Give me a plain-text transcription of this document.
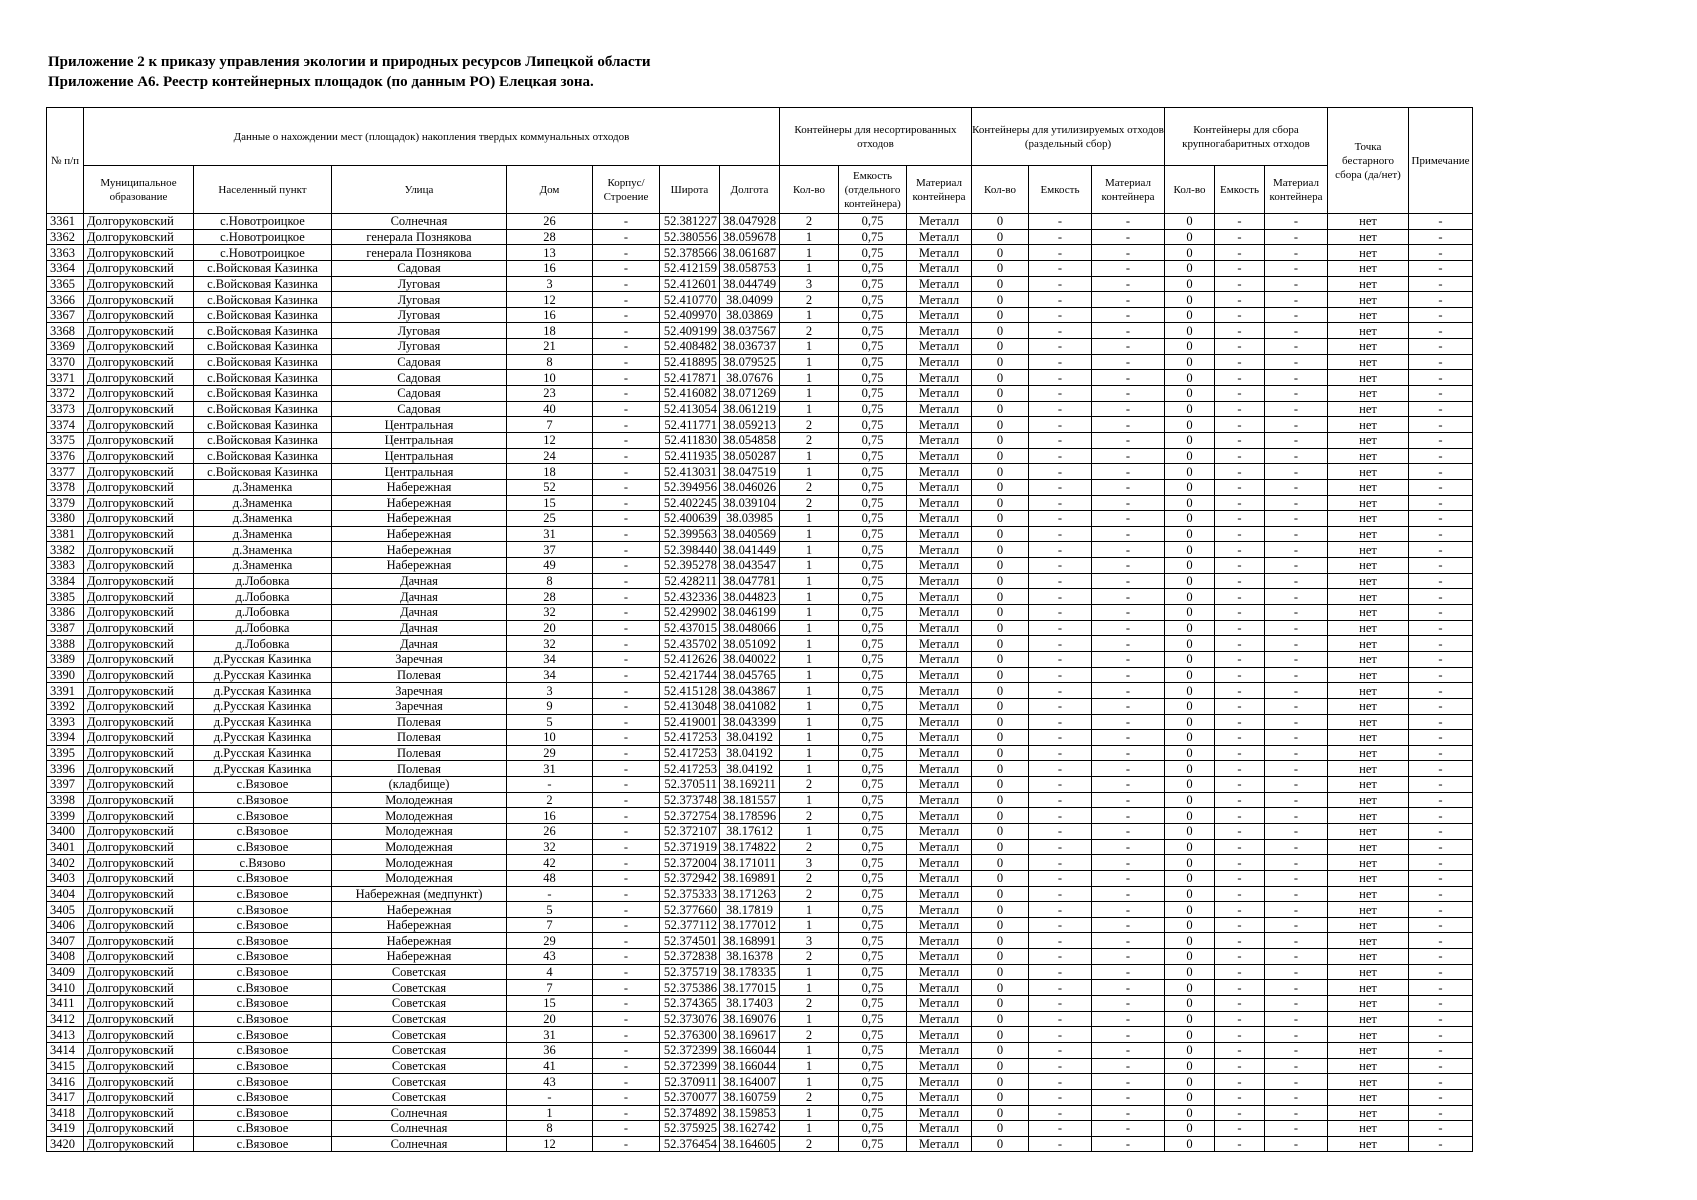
Приложение 2 к приказу управления экологии и природных ресурсов Липецкой области
Приложение А6. Реестр контейнерных площадок (по данным РО) Елецкая зона.
№ п/п	Данные о нахождении мест (площадок) накопления твердых коммунальных отходов							Контейнеры для несортированных отходов			Контейнеры для утилизируемых отходов (раздельный сбор)			Контейнеры для сбора крупногабаритных отходов			Точка бестарного сбора (да/нет)	Примечание
	Муниципальное образование	Населенный пункт	Улица	Дом	Корпус/ Строение	Широта	Долгота	Кол-во	Емкость (отдельного контейнера)	Материал контейнера	Кол-во	Емкость	Материал контейнера	Кол-во	Емкость	Материал контейнера		
3361	Долгоруковский	с.Новотроицкое	Солнечная	26	-	52.381227	38.047928	2	0,75	Металл	0	-	-	0	-	-	нет	-
3362	Долгоруковский	с.Новотроицкое	генерала Познякова	28	-	52.380556	38.059678	1	0,75	Металл	0	-	-	0	-	-	нет	-
3363	Долгоруковский	с.Новотроицкое	генерала Познякова	13	-	52.378566	38.061687	1	0,75	Металл	0	-	-	0	-	-	нет	-
3364	Долгоруковский	с.Войсковая Казинка	Садовая	16	-	52.412159	38.058753	1	0,75	Металл	0	-	-	0	-	-	нет	-
3365	Долгоруковский	с.Войсковая Казинка	Луговая	3	-	52.412601	38.044749	3	0,75	Металл	0	-	-	0	-	-	нет	-
3366	Долгоруковский	с.Войсковая Казинка	Луговая	12	-	52.410770	38.04099	2	0,75	Металл	0	-	-	0	-	-	нет	-
3367	Долгоруковский	с.Войсковая Казинка	Луговая	16	-	52.409970	38.03869	1	0,75	Металл	0	-	-	0	-	-	нет	-
3368	Долгоруковский	с.Войсковая Казинка	Луговая	18	-	52.409199	38.037567	2	0,75	Металл	0	-	-	0	-	-	нет	-
3369	Долгоруковский	с.Войсковая Казинка	Луговая	21	-	52.408482	38.036737	1	0,75	Металл	0	-	-	0	-	-	нет	-
3370	Долгоруковский	с.Войсковая Казинка	Садовая	8	-	52.418895	38.079525	1	0,75	Металл	0	-	-	0	-	-	нет	-
3371	Долгоруковский	с.Войсковая Казинка	Садовая	10	-	52.417871	38.07676	1	0,75	Металл	0	-	-	0	-	-	нет	-
3372	Долгоруковский	с.Войсковая Казинка	Садовая	23	-	52.416082	38.071269	1	0,75	Металл	0	-	-	0	-	-	нет	-
3373	Долгоруковский	с.Войсковая Казинка	Садовая	40	-	52.413054	38.061219	1	0,75	Металл	0	-	-	0	-	-	нет	-
3374	Долгоруковский	с.Войсковая Казинка	Центральная	7	-	52.411771	38.059213	2	0,75	Металл	0	-	-	0	-	-	нет	-
3375	Долгоруковский	с.Войсковая Казинка	Центральная	12	-	52.411830	38.054858	2	0,75	Металл	0	-	-	0	-	-	нет	-
3376	Долгоруковский	с.Войсковая Казинка	Центральная	24	-	52.411935	38.050287	1	0,75	Металл	0	-	-	0	-	-	нет	-
3377	Долгоруковский	с.Войсковая Казинка	Центральная	18	-	52.413031	38.047519	1	0,75	Металл	0	-	-	0	-	-	нет	-
3378	Долгоруковский	д.Знаменка	Набережная	52	-	52.394956	38.046026	2	0,75	Металл	0	-	-	0	-	-	нет	-
3379	Долгоруковский	д.Знаменка	Набережная	15	-	52.402245	38.039104	2	0,75	Металл	0	-	-	0	-	-	нет	-
3380	Долгоруковский	д.Знаменка	Набережная	25	-	52.400639	38.03985	1	0,75	Металл	0	-	-	0	-	-	нет	-
3381	Долгоруковский	д.Знаменка	Набережная	31	-	52.399563	38.040569	1	0,75	Металл	0	-	-	0	-	-	нет	-
3382	Долгоруковский	д.Знаменка	Набережная	37	-	52.398440	38.041449	1	0,75	Металл	0	-	-	0	-	-	нет	-
3383	Долгоруковский	д.Знаменка	Набережная	49	-	52.395278	38.043547	1	0,75	Металл	0	-	-	0	-	-	нет	-
3384	Долгоруковский	д.Лобовка	Дачная	8	-	52.428211	38.047781	1	0,75	Металл	0	-	-	0	-	-	нет	-
3385	Долгоруковский	д.Лобовка	Дачная	28	-	52.432336	38.044823	1	0,75	Металл	0	-	-	0	-	-	нет	-
3386	Долгоруковский	д.Лобовка	Дачная	32	-	52.429902	38.046199	1	0,75	Металл	0	-	-	0	-	-	нет	-
3387	Долгоруковский	д.Лобовка	Дачная	20	-	52.437015	38.048066	1	0,75	Металл	0	-	-	0	-	-	нет	-
3388	Долгоруковский	д.Лобовка	Дачная	32	-	52.435702	38.051092	1	0,75	Металл	0	-	-	0	-	-	нет	-
3389	Долгоруковский	д.Русская Казинка	Заречная	34	-	52.412626	38.040022	1	0,75	Металл	0	-	-	0	-	-	нет	-
3390	Долгоруковский	д.Русская Казинка	Полевая	34	-	52.421744	38.045765	1	0,75	Металл	0	-	-	0	-	-	нет	-
3391	Долгоруковский	д.Русская Казинка	Заречная	3	-	52.415128	38.043867	1	0,75	Металл	0	-	-	0	-	-	нет	-
3392	Долгоруковский	д.Русская Казинка	Заречная	9	-	52.413048	38.041082	1	0,75	Металл	0	-	-	0	-	-	нет	-
3393	Долгоруковский	д.Русская Казинка	Полевая	5	-	52.419001	38.043399	1	0,75	Металл	0	-	-	0	-	-	нет	-
3394	Долгоруковский	д.Русская Казинка	Полевая	10	-	52.417253	38.04192	1	0,75	Металл	0	-	-	0	-	-	нет	-
3395	Долгоруковский	д.Русская Казинка	Полевая	29	-	52.417253	38.04192	1	0,75	Металл	0	-	-	0	-	-	нет	-
3396	Долгоруковский	д.Русская Казинка	Полевая	31	-	52.417253	38.04192	1	0,75	Металл	0	-	-	0	-	-	нет	-
3397	Долгоруковский	с.Вязовое	(кладбище)	-	-	52.370511	38.169211	2	0,75	Металл	0	-	-	0	-	-	нет	-
3398	Долгоруковский	с.Вязовое	Молодежная	2	-	52.373748	38.181557	1	0,75	Металл	0	-	-	0	-	-	нет	-
3399	Долгоруковский	с.Вязовое	Молодежная	16	-	52.372754	38.178596	2	0,75	Металл	0	-	-	0	-	-	нет	-
3400	Долгоруковский	с.Вязовое	Молодежная	26	-	52.372107	38.17612	1	0,75	Металл	0	-	-	0	-	-	нет	-
3401	Долгоруковский	с.Вязовое	Молодежная	32	-	52.371919	38.174822	2	0,75	Металл	0	-	-	0	-	-	нет	-
3402	Долгоруковский	с.Вязово	Молодежная	42	-	52.372004	38.171011	3	0,75	Металл	0	-	-	0	-	-	нет	-
3403	Долгоруковский	с.Вязовое	Молодежная	48	-	52.372942	38.169891	2	0,75	Металл	0	-	-	0	-	-	нет	-
3404	Долгоруковский	с.Вязовое	Набережная (медпункт)	-	-	52.375333	38.171263	2	0,75	Металл	0	-	-	0	-	-	нет	-
3405	Долгоруковский	с.Вязовое	Набережная	5	-	52.377660	38.17819	1	0,75	Металл	0	-	-	0	-	-	нет	-
3406	Долгоруковский	с.Вязовое	Набережная	7	-	52.377112	38.177012	1	0,75	Металл	0	-	-	0	-	-	нет	-
3407	Долгоруковский	с.Вязовое	Набережная	29	-	52.374501	38.168991	3	0,75	Металл	0	-	-	0	-	-	нет	-
3408	Долгоруковский	с.Вязовое	Набережная	43	-	52.372838	38.16378	2	0,75	Металл	0	-	-	0	-	-	нет	-
3409	Долгоруковский	с.Вязовое	Советская	4	-	52.375719	38.178335	1	0,75	Металл	0	-	-	0	-	-	нет	-
3410	Долгоруковский	с.Вязовое	Советская	7	-	52.375386	38.177015	1	0,75	Металл	0	-	-	0	-	-	нет	-
3411	Долгоруковский	с.Вязовое	Советская	15	-	52.374365	38.17403	2	0,75	Металл	0	-	-	0	-	-	нет	-
3412	Долгоруковский	с.Вязовое	Советская	20	-	52.373076	38.169076	1	0,75	Металл	0	-	-	0	-	-	нет	-
3413	Долгоруковский	с.Вязовое	Советская	31	-	52.376300	38.169617	2	0,75	Металл	0	-	-	0	-	-	нет	-
3414	Долгоруковский	с.Вязовое	Советская	36	-	52.372399	38.166044	1	0,75	Металл	0	-	-	0	-	-	нет	-
3415	Долгоруковский	с.Вязовое	Советская	41	-	52.372399	38.166044	1	0,75	Металл	0	-	-	0	-	-	нет	-
3416	Долгоруковский	с.Вязовое	Советская	43	-	52.370911	38.164007	1	0,75	Металл	0	-	-	0	-	-	нет	-
3417	Долгоруковский	с.Вязовое	Советская	-	-	52.370077	38.160759	2	0,75	Металл	0	-	-	0	-	-	нет	-
3418	Долгоруковский	с.Вязовое	Солнечная	1	-	52.374892	38.159853	1	0,75	Металл	0	-	-	0	-	-	нет	-
3419	Долгоруковский	с.Вязовое	Солнечная	8	-	52.375925	38.162742	1	0,75	Металл	0	-	-	0	-	-	нет	-
3420	Долгоруковский	с.Вязовое	Солнечная	12	-	52.376454	38.164605	2	0,75	Металл	0	-	-	0	-	-	нет	-
